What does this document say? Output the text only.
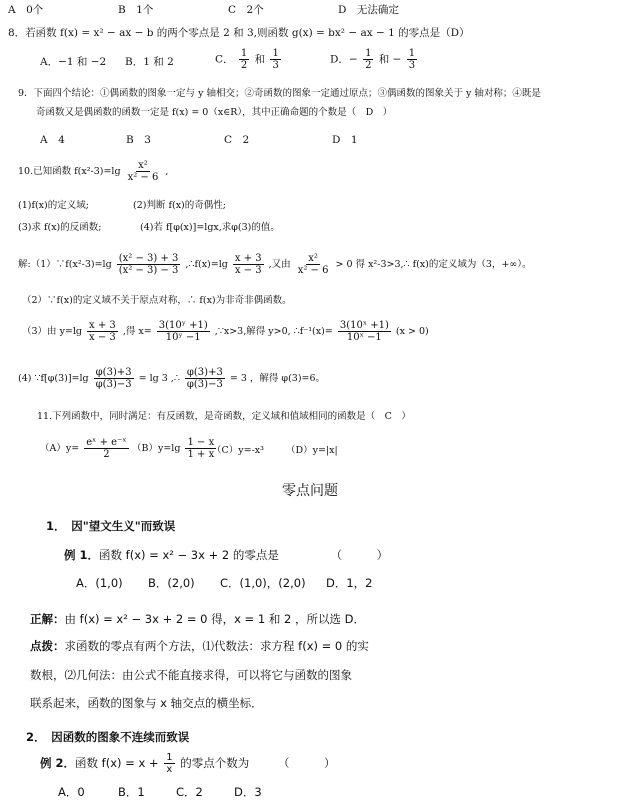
A　0个	B　1个	C　2个	D　无法确定
8．若函数 f(x) = x² − ax − b 的两个零点是 2 和 3,则函数 g(x) = bx² − ax − 1 的零点是（D）
A．−1 和 −2 B．1 和 2	C． $\frac{1}{2}$ 和 $\frac{1}{3}$	D．− $\frac{1}{2}$ 和 − $\frac{1}{3}$
9．下面四个结论：①偶函数的图象一定与 y 轴相交；②奇函数的图象一定通过原点；③偶函数的图象关于 y 轴对称；④既是
奇函数又是偶函数的函数一定是 f(x) = 0（x∈R），其中正确命题的个数是（　D　）
A　4	B　3	C　2	D　1
10.已知函数 $f(x^2-3)=\lg \frac{\text{x²}}{\text{x² − 6}}$ ,
(1)f(x)的定义域;	(2)判断 f(x)的奇偶性;
(3)求 f(x)的反函数;	(4)若 f[φ(x)]=lgx,求φ(3)的值。
解:（1）∵f(x²-3)=lg $\frac{\text{(x² − 3) + 3}}{\text{(x² − 3) − 3}}$ ,∴f(x)=lg $\frac{x + 3}{x - 3}$ ,又由 $\frac{\text{x²}}{\text{x² − 6}} > 0$ 得 x²-3>3,∴ f(x)的定义域为（3，+∞）。
（2）∵f(x)的定义域不关于原点对称，∴ f(x)为非奇非偶函数。
（3）由 $y=\lg \frac{x + 3}{x - 3}$ ,得 $x= \frac{\text{3(10ʸ +1)}}{\text{10ʸ −1}}$ ,∵x>3,解得 y>0, ∴f⁻¹(x)= $\frac{\text{3(10ˣ +1)}}{\text{10ˣ −1}} (x > 0)$
(4) ∵f[φ(3)]=lg $\frac{\varphi(3)+3}{\varphi(3)-3} = \lg 3$ ,∴ $\frac{\varphi(3)+3}{\varphi(3)-3} = 3$ ，解得 φ(3)=6。
11.下列函数中，同时满足：有反函数，是奇函数，定义域和值域相同的函数是（　C　）
$(A)y= \frac{\text{eˣ + e⁻ˣ}}{2} (B)y=\lg \frac{1 - x}{1 + x}$
（C）y=-x³ （D）y=|x|
零点问题
1．　因"望文生义"而致误
例 1．函数 f(x) = x² − 3x + 2 的零点是　　　　　（　　　）
A．(1,0) B．(2,0) C．(1,0)，(2,0) D．1，2
正解：由 f(x) = x² − 3x + 2 = 0 得，x = 1 和 2 ，所以选 D．
点拨：求函数的零点有两个方法，⑴代数法：求方程 f(x) = 0 的实
数根，⑵几何法：由公式不能直接求得，可以将它与函数的图象
联系起来，函数的图象与 x 轴交点的横坐标．
2．　因函数的图象不连续而致误
例 2．函数 $f(x) = x + \frac{1}{x}$ 的零点个数为　　　（　　　）
A．0	B．1	C．2	D．3
